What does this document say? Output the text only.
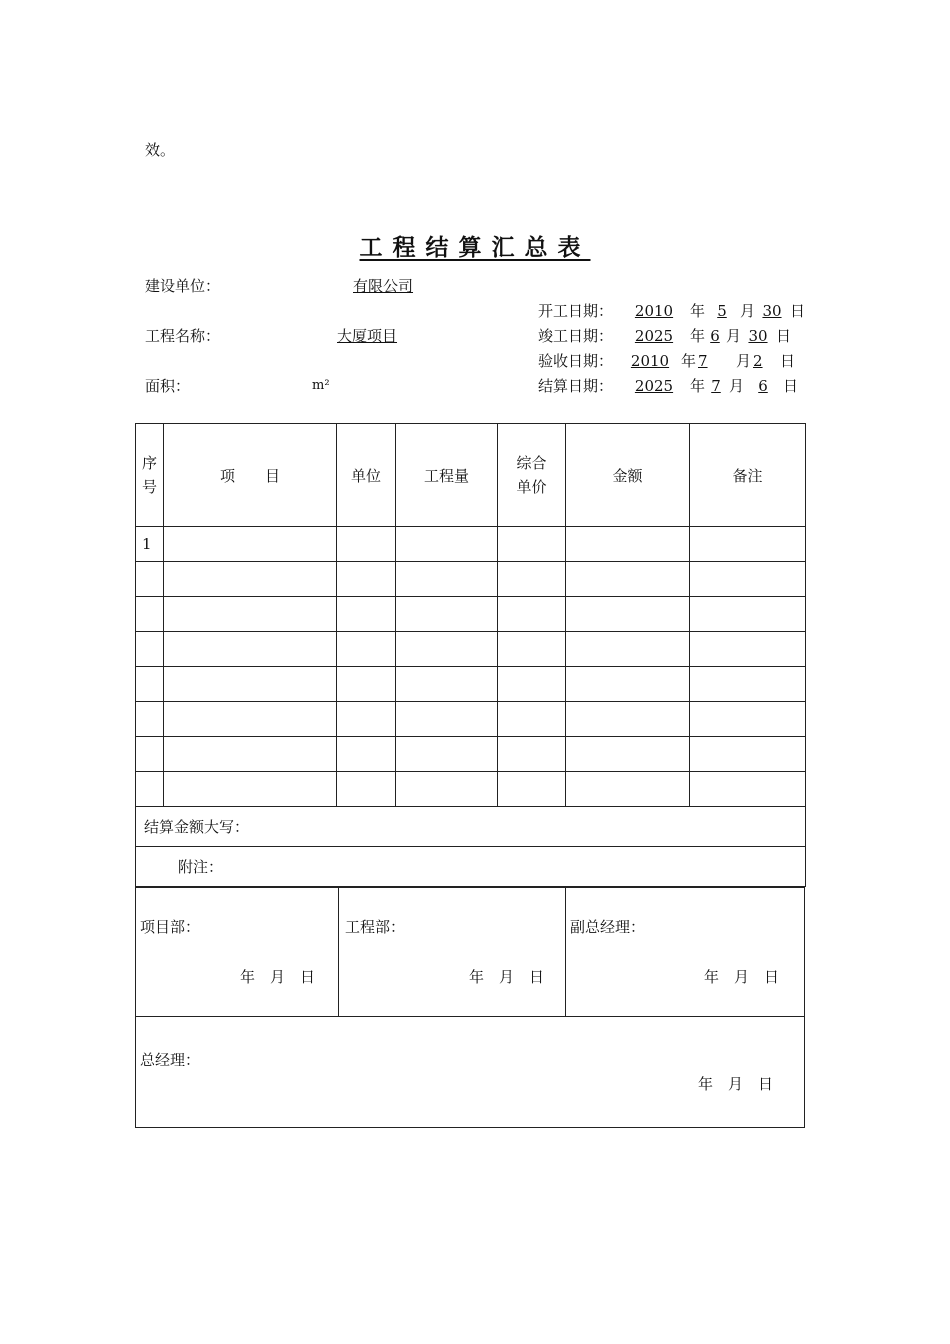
效。
工程结算汇总表
建设单位：	有限公司
工程名称：	大厦项目
面积：	m²
开工日期：	2010	年 5 月 30 日
竣工日期：	2025	年 6 月 30 日
验收日期：	2010 年 7	月 2	日
结算日期：	2025	年 7 月 6	日
序号	项　　目	单位	工程量	综合单价	金额	备注
1						

结算金额大写：						
附注：						
项目部：
年　月　日
工程部：
年　月　日
副总经理：
年　月　日
总经理：
年　月　日
